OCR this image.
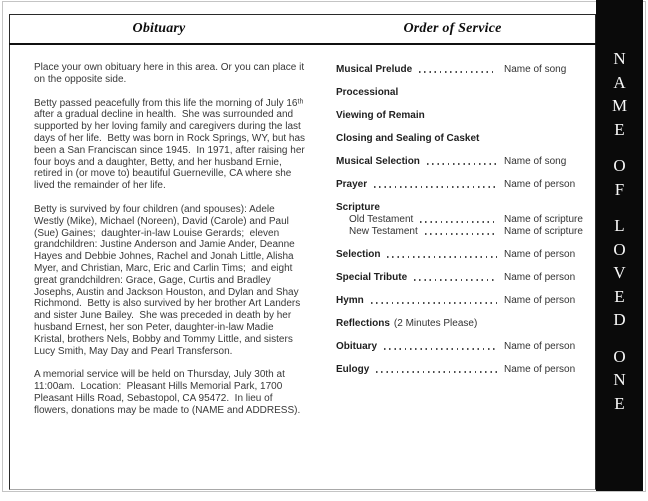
Obituary	Order of Service

Place your own obituary here in this area. Or you can place it on the opposite side.

Betty passed peacefully from this life the morning of July 16ᵗʰ after a gradual decline in health.  She was surrounded and supported by her loving family and caregivers during the last days of her life.  Betty was born in Rock Springs, WY, but has been a San Franciscan since 1945.  In 1971, after raising her four boys and a daughter, Betty, and her husband Ernie, retired in (or move to) beautiful Guerneville, CA where she lived the remainder of her life.

Betty is survived by four children (and spouses): Adele Westly (Mike), Michael (Noreen), David (Carole) and Paul (Sue) Gaines;  daughter-in-law Louise Gerards;  eleven grandchildren: Justine Anderson and Jamie Ander, Deanne Hayes and Debbie Johnes, Rachel and Jonah Little, Alisha Myer, and Christian, Marc, Eric and Carlin Tims;  and eight great grandchildren: Grace, Gage, Curtis and Bradley Josephs, Austin and Jackson Houston, and Dylan and Shay Richmond.  Betty is also survived by her brother Art Landers and sister June Bailey.  She was preceded in death by her husband Ernest, her son Peter, daughter-in-law Madie Kristal, brothers Nels, Bobby and Tommy Little, and sisters Lucy Smith, May Day and Pearl Transferson.

A memorial service will be held on Thursday, July 30th at 11:00am.  Location:  Pleasant Hills Memorial Park, 1700 Pleasant Hills Road, Sebastopol, CA 95472.  In lieu of flowers, donations may be made to (NAME and ADDRESS).

Musical Prelude	Name of song
Processional
Viewing of Remain
Closing and Sealing of Casket
Musical Selection	Name of song
Prayer	Name of person
Scripture
Old Testament	Name of scripture
New Testament	Name of scripture
Selection	Name of person
Special Tribute	Name of person
Hymn	Name of person
Reflections (2 Minutes Please)
Obituary	Name of person
Eulogy	Name of person
NAME
OF
LOVED
ONE
